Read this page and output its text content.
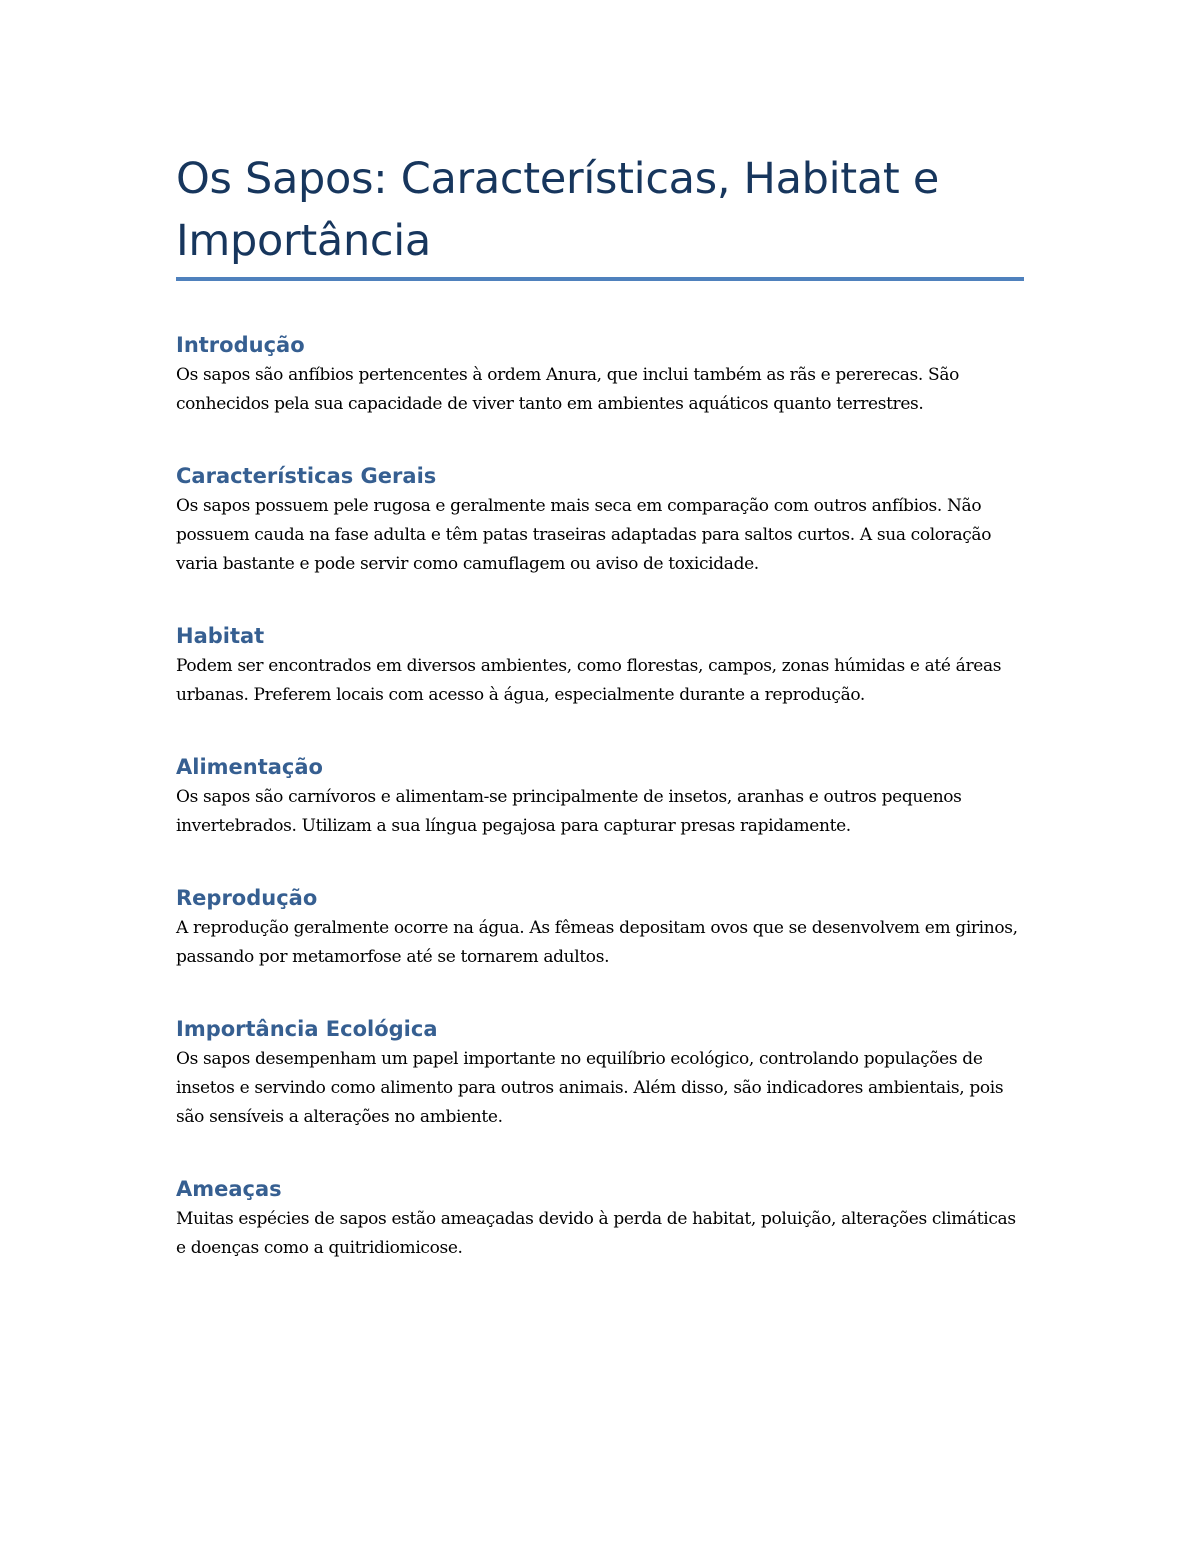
Os Sapos: Características, Habitat e Importância
Introdução

Os sapos são anfíbios pertencentes à ordem Anura, que inclui também as rãs e pererecas. São conhecidos pela sua capacidade de viver tanto em ambientes aquáticos quanto terrestres.

Características Gerais

Os sapos possuem pele rugosa e geralmente mais seca em comparação com outros anfíbios. Não possuem cauda na fase adulta e têm patas traseiras adaptadas para saltos curtos. A sua coloração varia bastante e pode servir como camuflagem ou aviso de toxicidade.

Habitat

Podem ser encontrados em diversos ambientes, como florestas, campos, zonas húmidas e até áreas urbanas. Preferem locais com acesso à água, especialmente durante a reprodução.

Alimentação

Os sapos são carnívoros e alimentam-se principalmente de insetos, aranhas e outros pequenos invertebrados. Utilizam a sua língua pegajosa para capturar presas rapidamente.

Reprodução

A reprodução geralmente ocorre na água. As fêmeas depositam ovos que se desenvolvem em girinos, passando por metamorfose até se tornarem adultos.

Importância Ecológica

Os sapos desempenham um papel importante no equilíbrio ecológico, controlando populações de insetos e servindo como alimento para outros animais. Além disso, são indicadores ambientais, pois são sensíveis a alterações no ambiente.

Ameaças

Muitas espécies de sapos estão ameaçadas devido à perda de habitat, poluição, alterações climáticas e doenças como a quitridiomicose.
